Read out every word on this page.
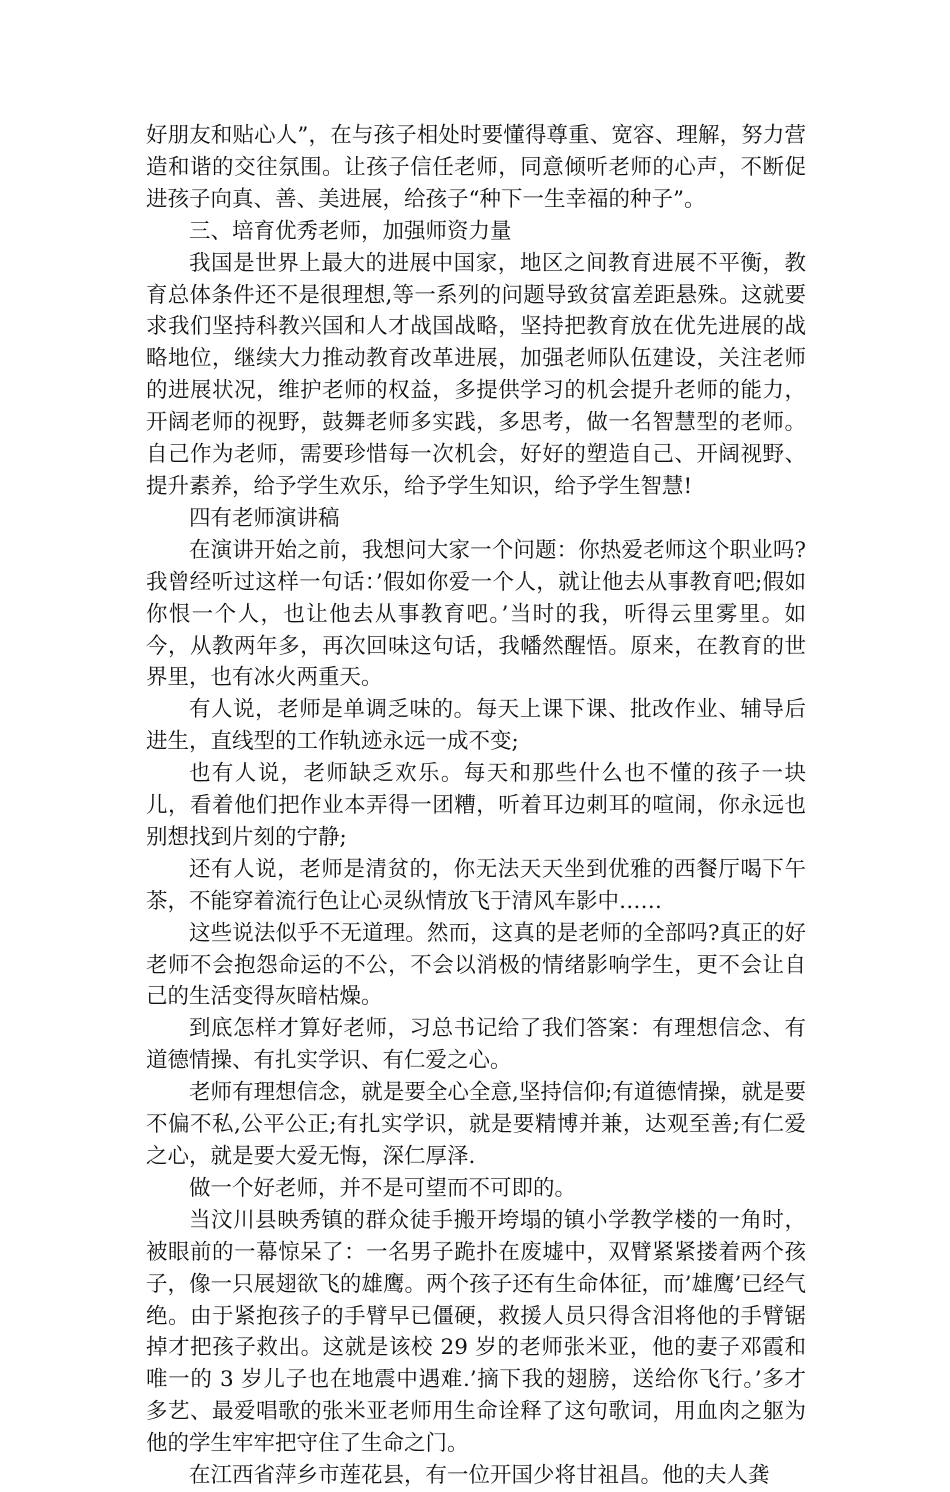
好朋友和贴心人”，在与孩子相处时要懂得尊重、宽容、理解，努力营造和谐的交往氛围。让孩子信任老师，同意倾听老师的心声，不断促进孩子向真、善、美进展，给孩子“种下一生幸福的种子”。

三、培育优秀老师，加强师资力量

我国是世界上最大的进展中国家，地区之间教育进展不平衡，教育总体条件还不是很理想,等一系列的问题导致贫富差距悬殊。这就要求我们坚持科教兴国和人才战国战略，坚持把教育放在优先进展的战略地位，继续大力推动教育改革进展，加强老师队伍建设，关注老师的进展状况，维护老师的权益，多提供学习的机会提升老师的能力，开阔老师的视野，鼓舞老师多实践，多思考，做一名智慧型的老师。自己作为老师，需要珍惜每一次机会，好好的塑造自己、开阔视野、提升素养，给予学生欢乐，给予学生知识，给予学生智慧!

四有老师演讲稿

在演讲开始之前，我想问大家一个问题：你热爱老师这个职业吗?我曾经听过这样一句话：’假如你爱一个人，就让他去从事教育吧;假如你恨一个人，也让他去从事教育吧。’当时的我，听得云里雾里。如今，从教两年多，再次回味这句话，我幡然醒悟。原来，在教育的世界里，也有冰火两重天。

有人说，老师是单调乏味的。每天上课下课、批改作业、辅导后进生，直线型的工作轨迹永远一成不变;

也有人说，老师缺乏欢乐。每天和那些什么也不懂的孩子一块儿，看着他们把作业本弄得一团糟，听着耳边刺耳的喧闹，你永远也别想找到片刻的宁静;

还有人说，老师是清贫的，你无法天天坐到优雅的西餐厅喝下午茶，不能穿着流行色让心灵纵情放飞于清风车影中……

这些说法似乎不无道理。然而，这真的是老师的全部吗?真正的好老师不会抱怨命运的不公，不会以消极的情绪影响学生，更不会让自己的生活变得灰暗枯燥。

到底怎样才算好老师，习总书记给了我们答案：有理想信念、有道德情操、有扎实学识、有仁爱之心。

老师有理想信念，就是要全心全意,坚持信仰;有道德情操，就是要不偏不私,公平公正;有扎实学识，就是要精博并兼，达观至善;有仁爱之心，就是要大爱无悔，深仁厚泽.

做一个好老师，并不是可望而不可即的。

当汶川县映秀镇的群众徒手搬开垮塌的镇小学教学楼的一角时，被眼前的一幕惊呆了：一名男子跪扑在废墟中，双臂紧紧搂着两个孩子，像一只展翅欲飞的雄鹰。两个孩子还有生命体征，而’雄鹰’已经气绝。由于紧抱孩子的手臂早已僵硬，救援人员只得含泪将他的手臂锯掉才把孩子救出。这就是该校 29 岁的老师张米亚，他的妻子邓霞和唯一的 3 岁儿子也在地震中遇难.’摘下我的翅膀，送给你飞行。’多才多艺、最爱唱歌的张米亚老师用生命诠释了这句歌词，用血肉之躯为他的学生牢牢把守住了生命之门。

在江西省萍乡市莲花县，有一位开国少将甘祖昌。他的夫人龚
